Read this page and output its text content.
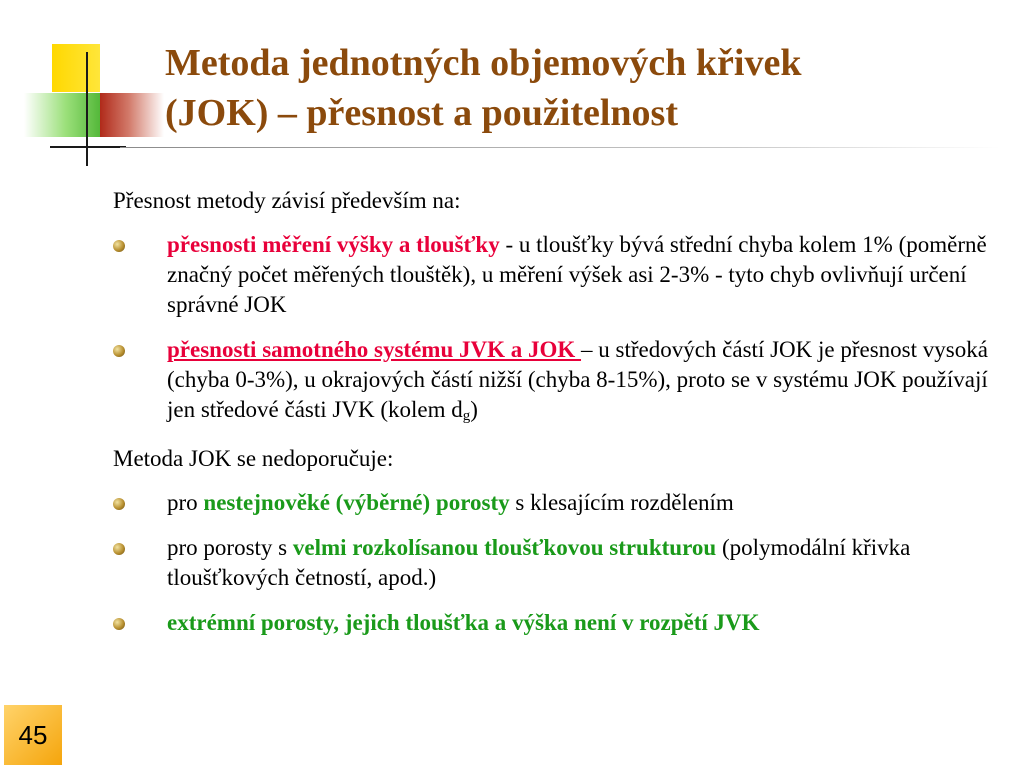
Metoda jednotných objemových křivek
(JOK) – přesnost a použitelnost

Přesnost metody závisí především na:

přesnosti měření výšky a tloušťky - u tloušťky bývá střední chyba kolem 1% (poměrně značný počet měřených tlouštěk), u měření výšek asi 2-3% - tyto chyb ovlivňují určení správné JOK
přesnosti samotného systému JVK a JOK – u středových částí JOK je přesnost vysoká (chyba 0-3%), u okrajových částí nižší (chyba 8-15%), proto se v systému JOK používají jen středové části JVK (kolem $d_g$)

Metoda JOK se nedoporučuje:

pro nestejnověké (výběrné) porosty s klesajícím rozdělením
pro porosty s velmi rozkolísanou tloušťkovou strukturou (polymodální křivka tloušťkových četností, apod.)
extrémní porosty, jejich tloušťka a výška není v rozpětí JVK
45
